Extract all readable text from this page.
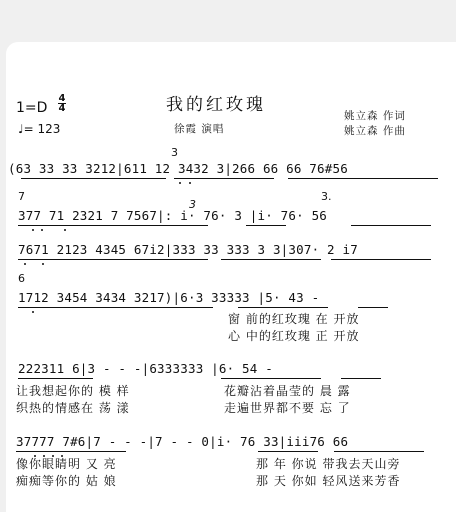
我的红玫瑰
1=D
4
4
♩= 123	徐霞 演唱
姚立森 作词
姚立森 作曲
3
(63 33 33 3212|611 12 3432 3|266 66 66 76#56
7	3.
3
377 71 2321 7 7567|: i· 76· 3 |i· 76· 56
7671 2123 4345 67i2|333 33 333 3 3|307· 2 i7
6
1712 3454 3434 3217)|6·3 33333 |5· 43 -
窗 前的红玫瑰 在 开放
心 中的红玫瑰 正 开放
222311 6|3 - - -|6333333 |6· 54 -
让我想起你的 模 样
织热的情感在 荡 漾
花瓣沾着晶莹的 晨 露
走遍世界都不要 忘 了
37777 7#6|7 - - -|7 - - 0|i· 76 33|iii76 66
像你眼睛明 又 亮
痴痴等你的 姑 娘
那 年 你说 带我去天山旁
那 天 你如 轻风送来芳香
